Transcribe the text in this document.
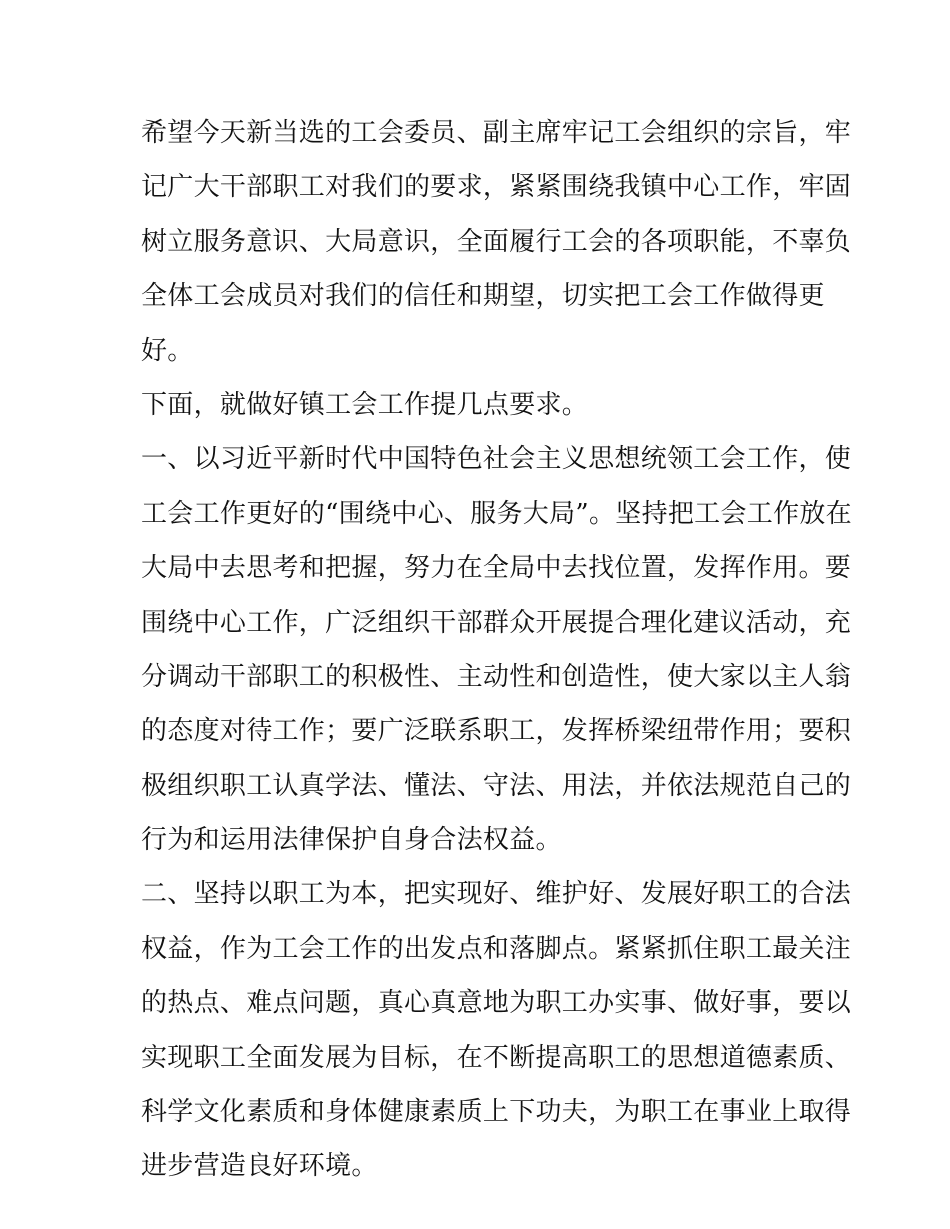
希望今天新当选的工会委员、副主席牢记工会组织的宗旨，牢
记广大干部职工对我们的要求，紧紧围绕我镇中心工作，牢固
树立服务意识、大局意识，全面履行工会的各项职能，不辜负
全体工会成员对我们的信任和期望，切实把工会工作做得更
好。
下面，就做好镇工会工作提几点要求。
一、以习近平新时代中国特色社会主义思想统领工会工作，使
工会工作更好的“围绕中心、服务大局”。坚持把工会工作放在
大局中去思考和把握，努力在全局中去找位置，发挥作用。要
围绕中心工作，广泛组织干部群众开展提合理化建议活动，充
分调动干部职工的积极性、主动性和创造性，使大家以主人翁
的态度对待工作；要广泛联系职工，发挥桥梁纽带作用；要积
极组织职工认真学法、懂法、守法、用法，并依法规范自己的
行为和运用法律保护自身合法权益。
二、坚持以职工为本，把实现好、维护好、发展好职工的合法
权益，作为工会工作的出发点和落脚点。紧紧抓住职工最关注
的热点、难点问题，真心真意地为职工办实事、做好事，要以
实现职工全面发展为目标，在不断提高职工的思想道德素质、
科学文化素质和身体健康素质上下功夫，为职工在事业上取得
进步营造良好环境。
